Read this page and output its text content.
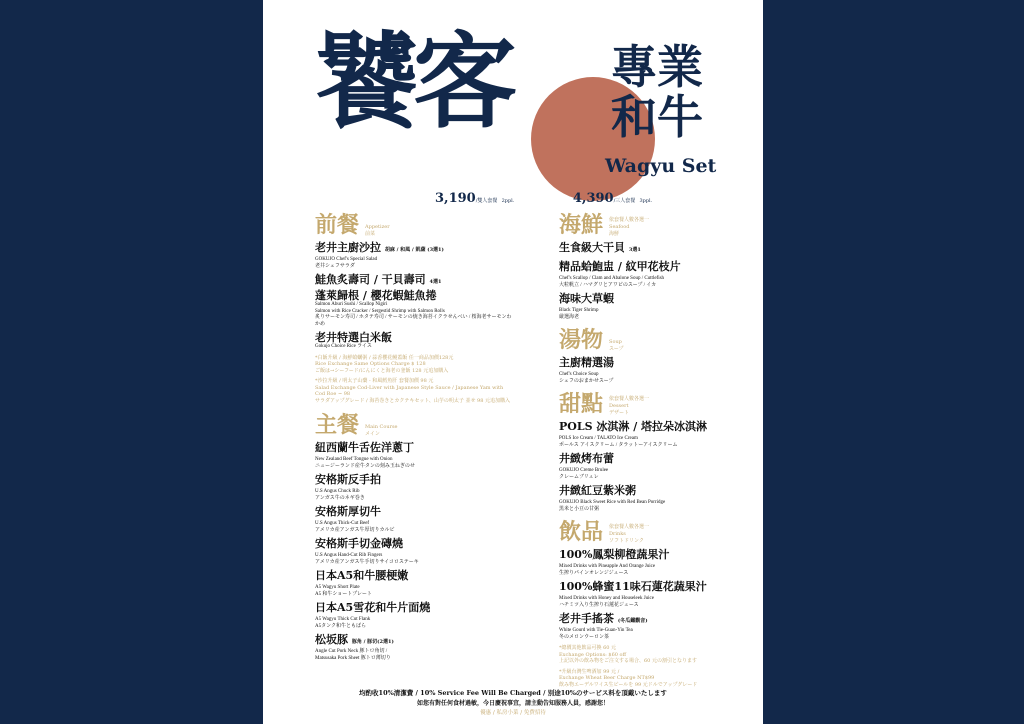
饕客 專業和牛
Wagyu Set
3,190/雙人套餐 2ppl.	4,390/三人套餐 3ppl.
前餐 Appetizer
前菜
老井主廚沙拉 胡麻 / 和風 / 凱薩 (3選1)
GOKUJO Chef's Special Salad
老井シェフサラダ
鮭魚炙壽司 / 干貝壽司 4選1
蓬萊歸根 / 櫻花蝦鮭魚捲
Salmon Aburi Sushi / Scallop Nigiri
Salmon with Rice Cracker / Sergestid Shrimp with Salmon Rolls
炙りサーモン寿司 / ホタテ寿司 / サーモンの焼き海苔イクラせんべい / 桜海老サーモンわかめ
老井特選白米飯
Gokujo Choice Rice ライス
*白飯升級 / 海鮮蛤蠣粥 / 蒜香櫻花鰻蓋飯 任一商品加價128元
Rice Exchange Same Options Charge $ 128
ご飯は→シーフード/にんにくと海老の釜飯 128 元追加購入
*沙拉升級 / 明太子山藥 - 和風鱈魚肝 套餐加價 98 元
Salad Exchange Cod-Liver with Japanese Style Sauce / Japanese Yam with Cod Roe ~ 98
サラダアップグレード / 海苔巻きとカクテキセット、山芋の明太子 並せ 98 元追加購入
主餐 Main Course
メイン
紐西蘭牛舌佐洋蔥丁
New Zealand Beef Tongue with Onion
ニュージーランド産牛タンの刻み玉ねぎのせ
安格斯反手拍
U.S Angus Chuck Rib
アンガス牛のネギ巻き
安格斯厚切牛
U.S Angus Thick-Cut Beef
アメリカ産アンガス牛厚切りカルビ
安格斯手切金磚燒
U.S Angus Hand-Cut Rib Fingers
アメリカ産アンガス牛手切りサイコロステーキ
日本A5和牛腰梗嫩
A5 Wagyu Short Plate
A5 和牛ショートプレート
日本A5雪花和牛片面燒
A5 Wagyu Thick Cut Flank
A5タンク和牛ともばら
松坂豚 豚角 / 豚切(2選1)
Angle Cut Pork Neck 豚トロ角切 /
Matsusaka Pork Sheet 豚トロ薄切り
海鮮 依套餐人數各選一
Seafood
海鮮
生食級大干貝 3選1
精品蛤鮑盅 / 紋甲花枝片
Chef's Scallop / Clam and Abalone Soup / Cuttlefish
大粒帆立 / ハマグリとアワビのスープ / イカ
海味大草蝦
Black Tiger Shrimp
厳選海老
湯物 Soup
スープ
主廚精選湯
Chef's Choice Soup
シェフのおまかせスープ
甜點 依套餐人數各選一
Dessert
デザート
POLS 冰淇淋 / 塔拉朵冰淇淋
POLS Ice Cream / TALATO Ice Cream
ポールス アイスクリーム / タラットーアイスクリーム
井緻烤布蕾
GOKUJO Creme Brulee
クレームブリュレ
井緻紅豆紫米粥
GOKUJO Black Sweet Rice with Red Bean Porridge
黒米と小豆の甘粥
飲品 依套餐人數各選一
Drinks
ソフトドリンク
100%鳳梨柳橙蔬果汁
Mixed Drinks with Pineapple And Orange Juice
生搾りパインオレンジジュース
100%蜂蜜11味石蓮花蔬果汁
Mixed Drinks with Honey and Houseleek Juice
ハチミツ入り生搾り石蓮花ジュース
老井手搖茶 (冬瓜鐵觀音)
White Gourd with Tie-Guan-Yin Tea
冬のメロンウーロン茶
*總價其他飲品可換 60 元
Exchange Options: $60 off
上記以外の飲み物をご注文する場合、60 元の割引となります
*升級台灣生啤酒加 99 元 /
Exchange Wheat Beer Charge NT$99
飲み物エーデルワイス生ビールを 99 元ドルでアップグレード
均酌收10%清潔費 / 10% Service Fee Will Be Charged / 別途10%のサービス料を頂戴いたします
如您有對任何食材過敏，今日慶祝事宜，請主動告知服務人員，感謝您！
優惠 / 私房小菜 / 免費招待
